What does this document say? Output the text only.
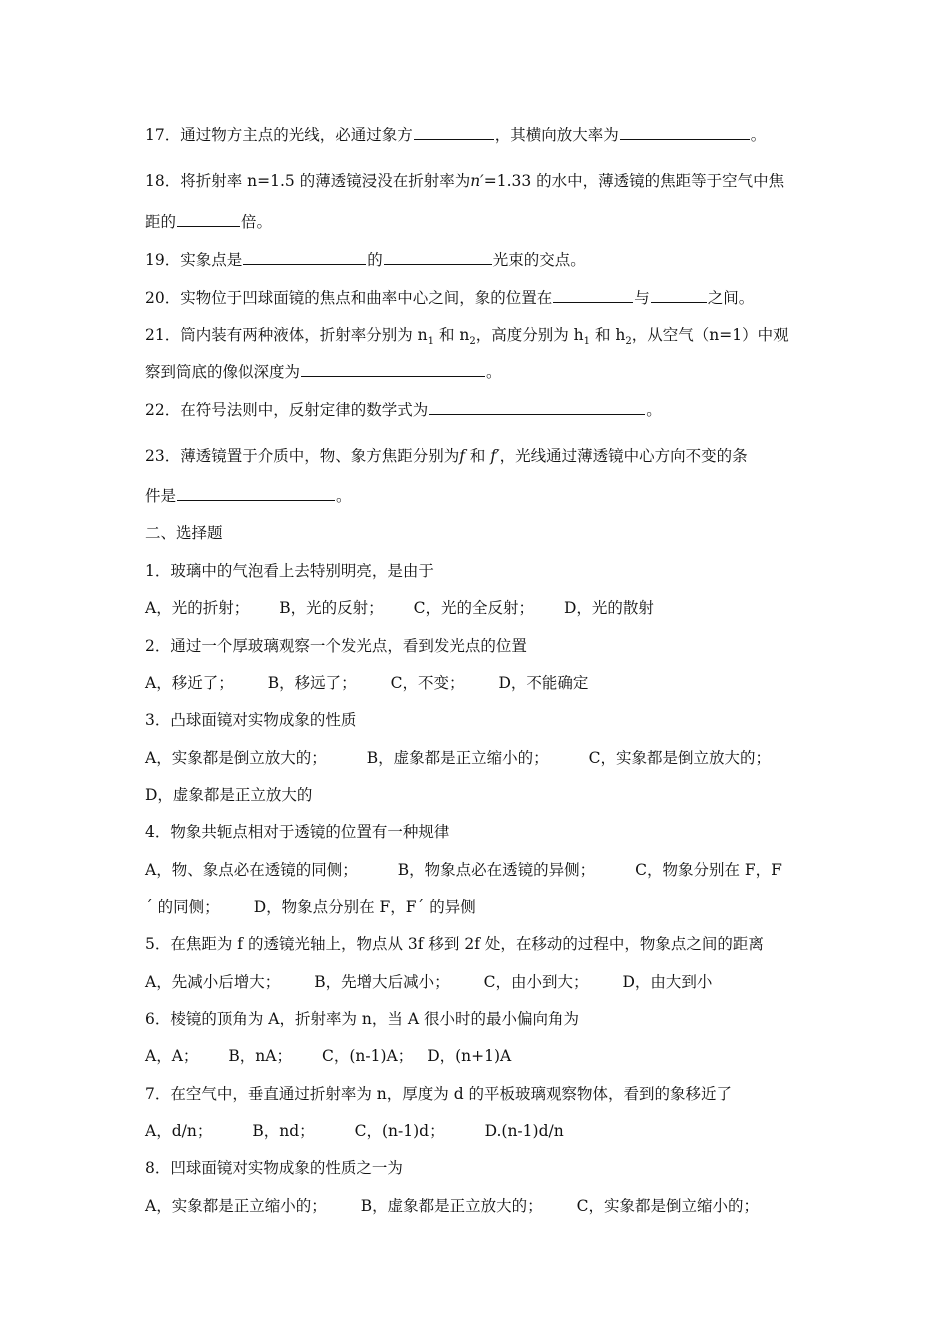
17．通过物方主点的光线，必通过象方	，其横向放大率为	。
18．将折射率 n=1.5 的薄透镜浸没在折射率为n′=1.33 的水中，薄透镜的焦距等于空气中焦
距的	倍。
19．实象点是	的	光束的交点。
20．实物位于凹球面镜的焦点和曲率中心之间，象的位置在	与	之间。
21．筒内装有两种液体，折射率分别为 $n_1$ 和 $n_2$，高度分别为 $h_1$ 和 $h_2$，从空气（n=1）中观
察到筒底的像似深度为	。
22．在符号法则中，反射定律的数学式为	。
23．薄透镜置于介质中，物、象方焦距分别为f 和 f′，光线通过薄透镜中心方向不变的条
件是	。
二、选择题
1．玻璃中的气泡看上去特别明亮，是由于
A，光的折射； B，光的反射； C，光的全反射； D，光的散射
2．通过一个厚玻璃观察一个发光点，看到发光点的位置
A，移近了； B，移远了； C，不变； D，不能确定
3．凸球面镜对实物成象的性质
A，实象都是倒立放大的；	B，虚象都是正立缩小的；	C，实象都是倒立放大的；
D，虚象都是正立放大的
4．物象共轭点相对于透镜的位置有一种规律
A，物、象点必在透镜的同侧；	B，物象点必在透镜的异侧；	C，物象分别在 F，F
´ 的同侧； D，物象点分别在 F，F´ 的异侧
5．在焦距为 f 的透镜光轴上，物点从 3f 移到 2f 处，在移动的过程中，物象点之间的距离
A，先减小后增大； B，先增大后减小； C，由小到大； D，由大到小
6．棱镜的顶角为 A，折射率为 n，当 A 很小时的最小偏向角为
A，A； B，nA； C，(n-1)A； D，(n+1)A
7．在空气中，垂直通过折射率为 n，厚度为 d 的平板玻璃观察物体，看到的象移近了
A，d/n；	B，nd；	C，(n-1)d；	D.(n-1)d/n
8．凹球面镜对实物成象的性质之一为
A，实象都是正立缩小的； B，虚象都是正立放大的； C，实象都是倒立缩小的；
